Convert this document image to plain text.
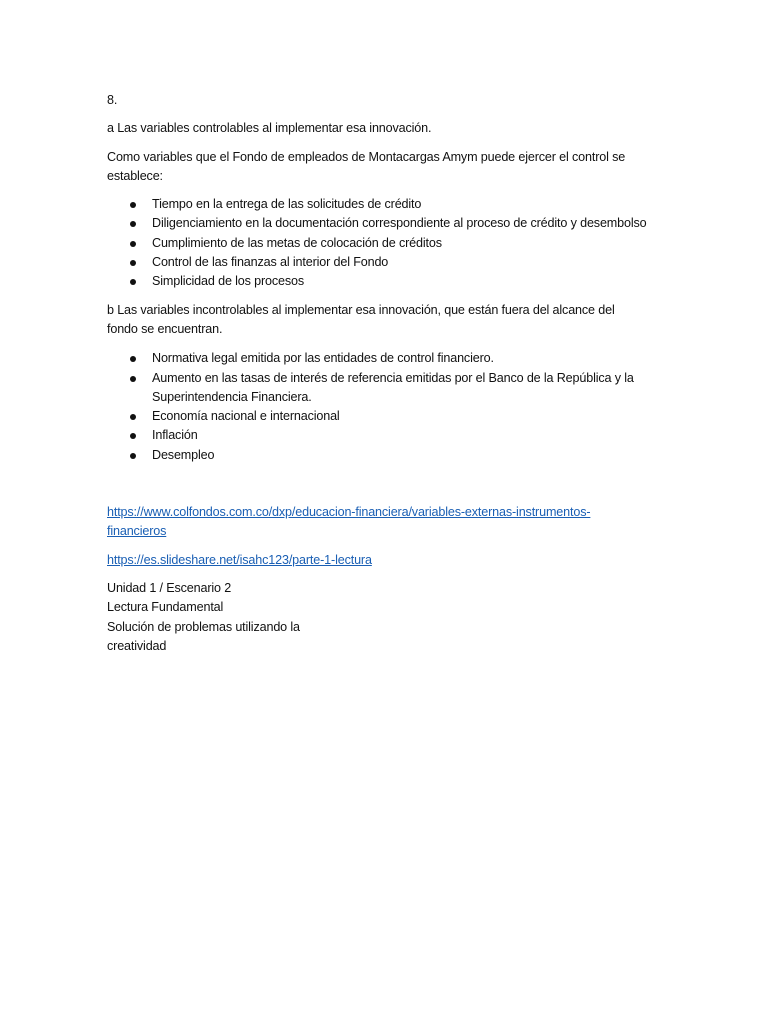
8.

a Las variables controlables al implementar esa innovación.

Como variables que el Fondo de empleados de Montacargas Amym puede ejercer el control se establece:

Tiempo en la entrega de las solicitudes de crédito
Diligenciamiento en la documentación correspondiente al proceso de crédito y desembolso
Cumplimiento de las metas de colocación de créditos
Control de las finanzas al interior del Fondo
Simplicidad de los procesos

b Las variables incontrolables al implementar esa innovación, que están fuera del alcance del fondo se encuentran.

Normativa legal emitida por las entidades de control financiero.
Aumento en las tasas de interés de referencia emitidas por el Banco de la República y la Superintendencia Financiera.
Economía nacional e internacional
Inflación
Desempleo
https://www.colfondos.com.co/dxp/educacion-financiera/variables-externas-instrumentos-financieros
https://es.slideshare.net/isahc123/parte-1-lectura
Unidad 1 / Escenario 2
Lectura Fundamental
Solución de problemas utilizando la
creatividad
